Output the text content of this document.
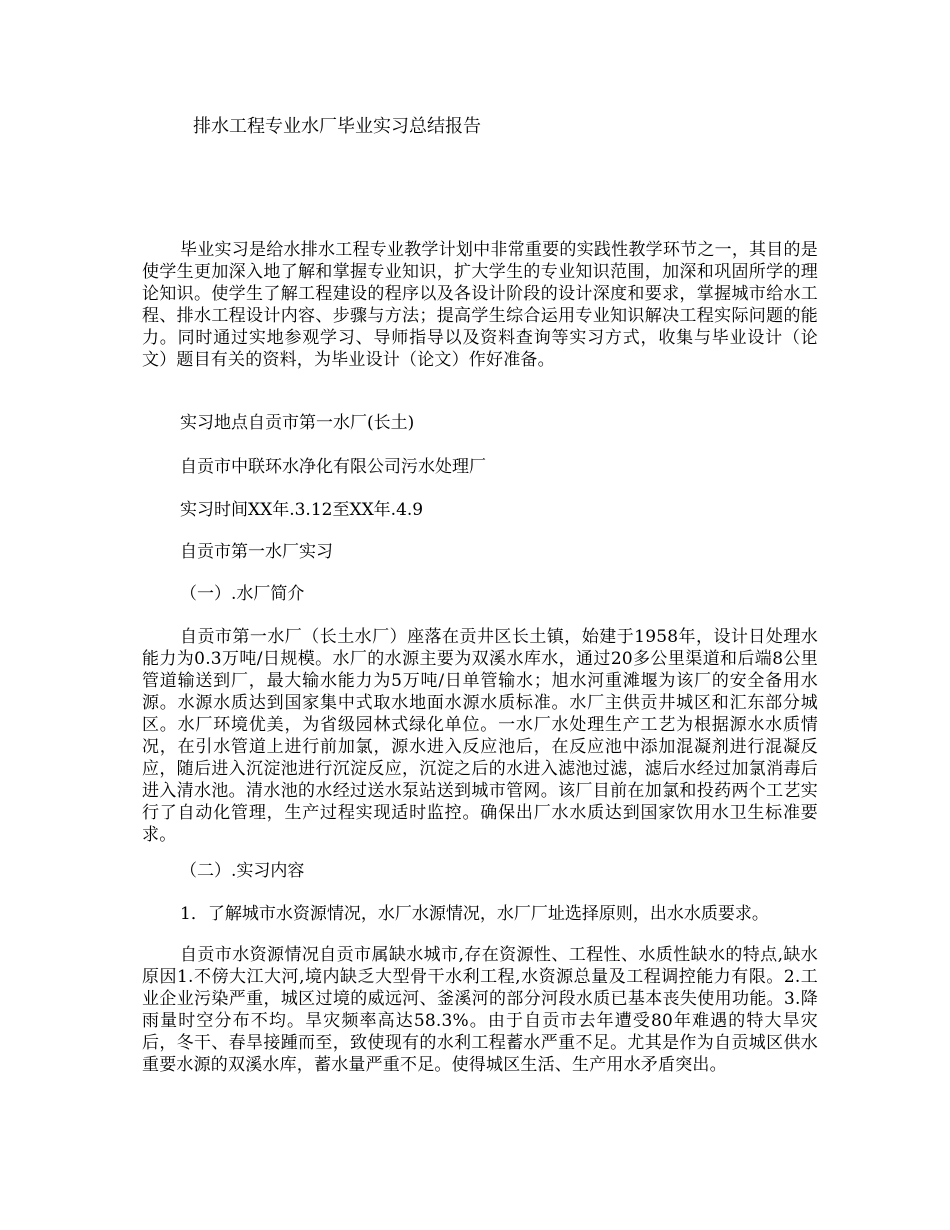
排水工程专业水厂毕业实习总结报告

毕业实习是给水排水工程专业教学计划中非常重要的实践性教学环节之一，其目的是使学生更加深入地了解和掌握专业知识，扩大学生的专业知识范围，加深和巩固所学的理论知识。使学生了解工程建设的程序以及各设计阶段的设计深度和要求，掌握城市给水工程、排水工程设计内容、步骤与方法；提高学生综合运用专业知识解决工程实际问题的能力。同时通过实地参观学习、导师指导以及资料查询等实习方式，收集与毕业设计（论文）题目有关的资料，为毕业设计（论文）作好准备。

实习地点自贡市第一水厂(长土)

自贡市中联环水净化有限公司污水处理厂

实习时间XX年.3.12至XX年.4.9

自贡市第一水厂实习

（一）.水厂简介

自贡市第一水厂（长土水厂）座落在贡井区长土镇，始建于1958年，设计日处理水能力为0.3万吨/日规模。水厂的水源主要为双溪水库水，通过20多公里渠道和后端8公里管道输送到厂，最大输水能力为5万吨/日单管输水；旭水河重滩堰为该厂的安全备用水源。水源水质达到国家集中式取水地面水源水质标准。水厂主供贡井城区和汇东部分城区。水厂环境优美，为省级园林式绿化单位。一水厂水处理生产工艺为根据源水水质情况，在引水管道上进行前加氯，源水进入反应池后，在反应池中添加混凝剂进行混凝反应，随后进入沉淀池进行沉淀反应，沉淀之后的水进入滤池过滤，滤后水经过加氯消毒后进入清水池。清水池的水经过送水泵站送到城市管网。该厂目前在加氯和投药两个工艺实行了自动化管理，生产过程实现适时监控。确保出厂水水质达到国家饮用水卫生标准要求。

（二）.实习内容

1．了解城市水资源情况，水厂水源情况，水厂厂址选择原则，出水水质要求。

自贡市水资源情况自贡市属缺水城市,存在资源性、工程性、水质性缺水的特点,缺水原因1.不傍大江大河,境内缺乏大型骨干水利工程,水资源总量及工程调控能力有限。2.工业企业污染严重，城区过境的威远河、釜溪河的部分河段水质已基本丧失使用功能。3.降雨量时空分布不均。旱灾频率高达58.3%。由于自贡市去年遭受80年难遇的特大旱灾后，冬干、春旱接踵而至，致使现有的水利工程蓄水严重不足。尤其是作为自贡城区供水重要水源的双溪水库，蓄水量严重不足。使得城区生活、生产用水矛盾突出。
